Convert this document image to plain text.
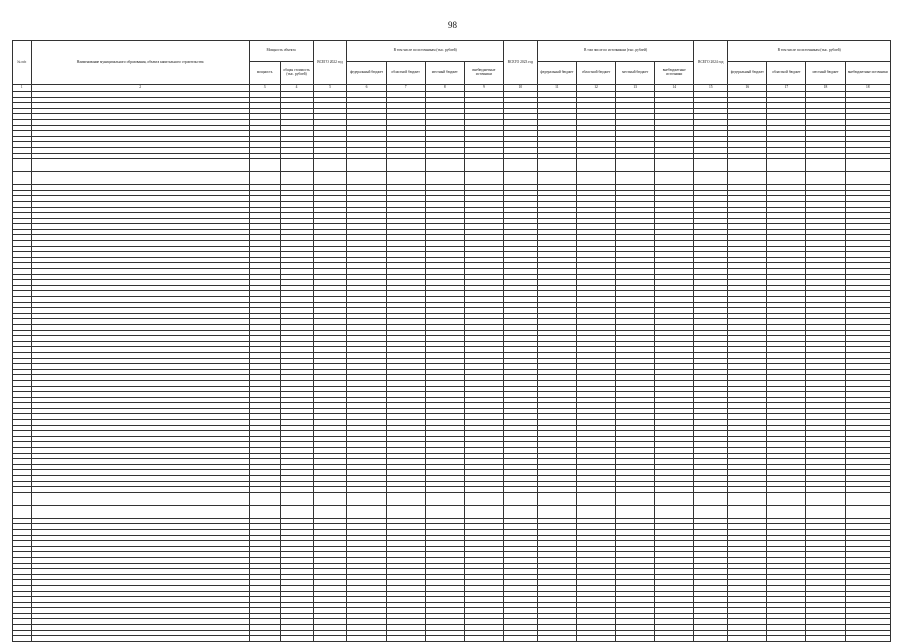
98
№ п/п	Наименование муниципального образования, объекта капитального строительства	Мощность объекта		ВСЕГО 2022 год	В том числе по источникам (тыс. рублей)				ВСЕГО 2023 год	В том числе по источникам (тыс. рублей)				ВСЕГО 2024 год	В том числе по источникам (тыс. рублей)			
		мощность	общая стоимость (тыс. рублей)		федеральный бюджет	областной бюджет	местный бюджет	внебюджетные источники		федеральный бюджет	областной бюджет	местный бюджет	внебюджетные источники		федеральный бюджет	областной бюджет	местный бюджет	внебюджетные источники
1	2	3	4	5	6	7	8	9	10	11	12	13	14	15	16	17	18	18
